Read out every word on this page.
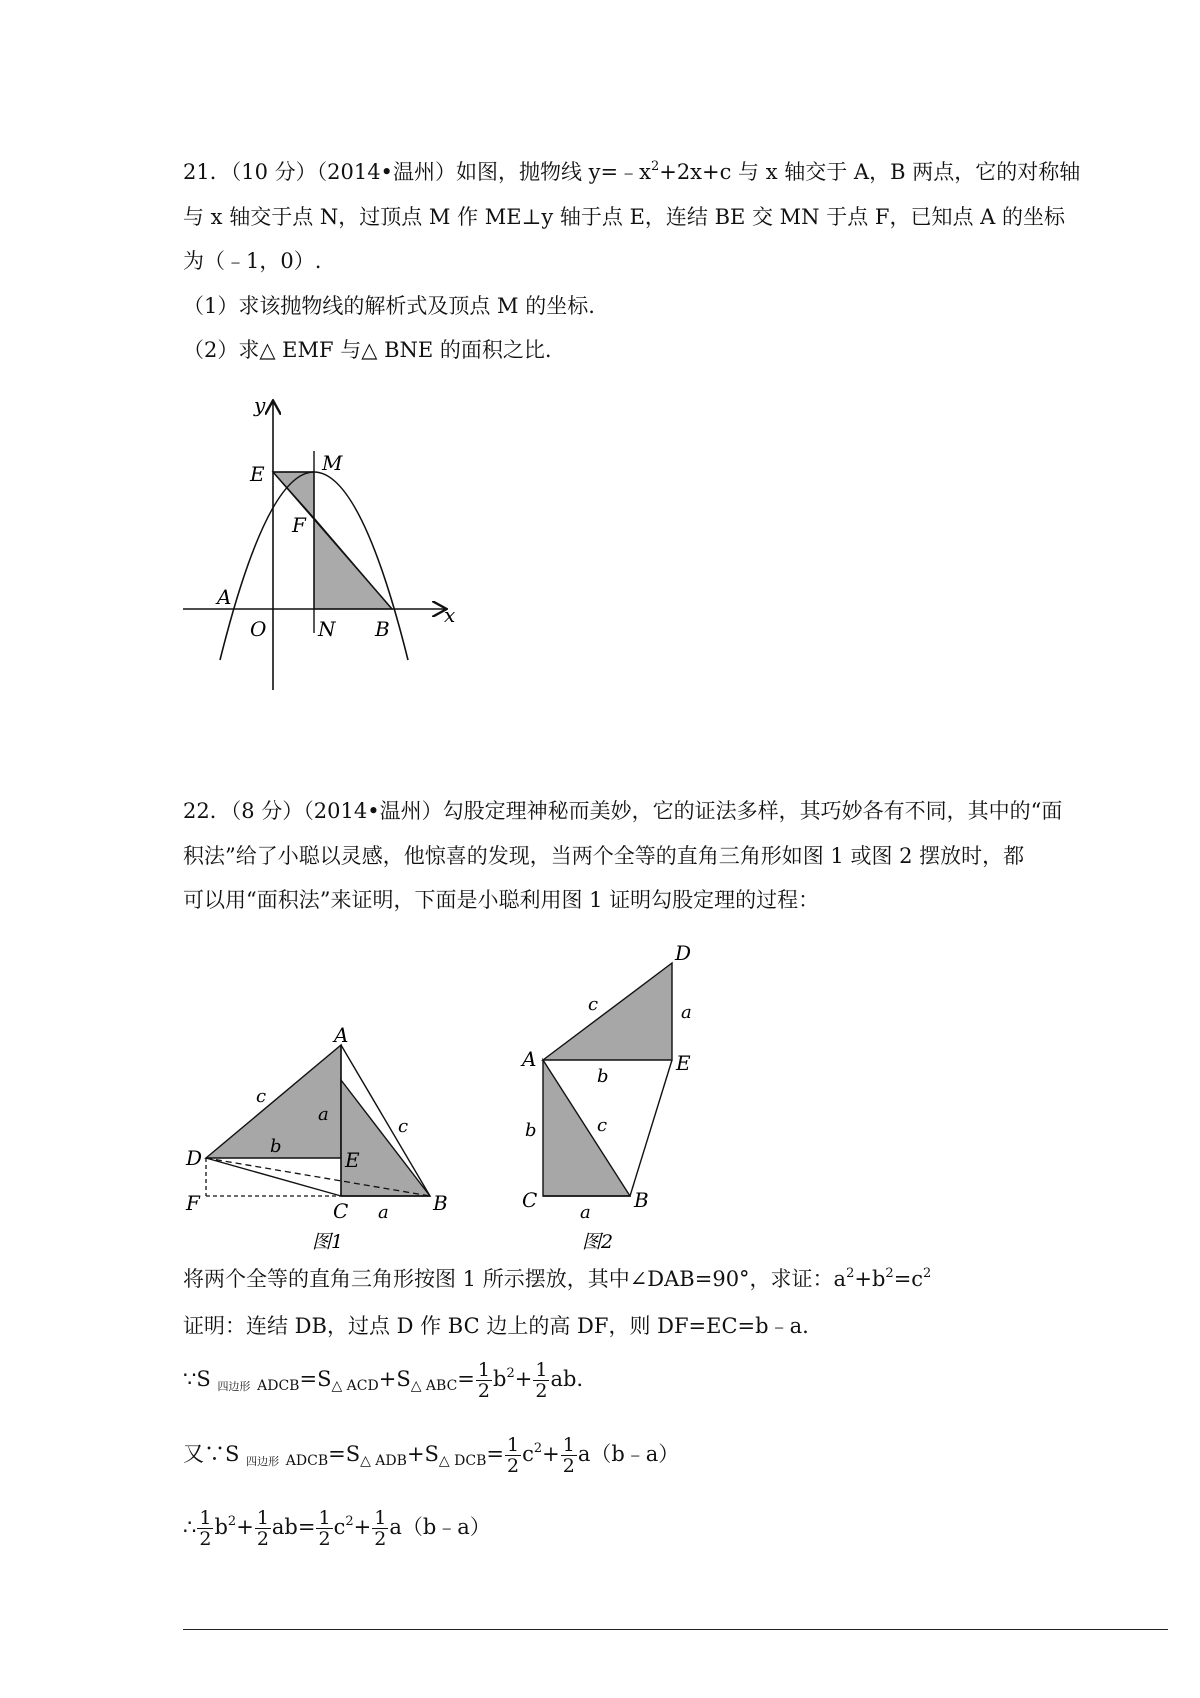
21．（10 分）（2014•温州）如图，抛物线 $y=﹣x^2+2x+c$ 与 x 轴交于 A，B 两点，它的对称轴
与 x 轴交于点 N，过顶点 M 作 ME⊥y 轴于点 E，连结 BE 交 MN 于点 F，已知点 A 的坐标
为（﹣1，0）.
（1）求该抛物线的解析式及顶点 M 的坐标.
（2）求△ EMF 与△ BNE 的面积之比.
y
x
E	M
F
A
O	N B
22．（8 分）（2014•温州）勾股定理神秘而美妙，它的证法多样，其巧妙各有不同，其中的“面
积法”给了小聪以灵感，他惊喜的发现，当两个全等的直角三角形如图 1 或图 2 摆放时，都
可以用“面积法”来证明，下面是小聪利用图 1 证明勾股定理的过程：
A
D	E
F	C	B
a
b
c
c
a
图1
D
A	E
C	B
c	a
b
c
b
a
图2
将两个全等的直角三角形按图 1 所示摆放，其中∠DAB=90°，求证：$a^2+b^2=c^2$
证明：连结 DB，过点 D 作 BC 边上的高 DF，则 DF=EC=b﹣a.
∵S 四边形 $_{ADCB}=S_{\triangle ACD}+S_{\triangle ABC}= \frac{1}{2} b^2+ \frac{1}{2}$ ab.
又∵S 四边形 $_{ADCB}=S_{\triangle ADB}+S_{\triangle DCB}= \frac{1}{2} c^2+ \frac{1}{2}$ a（b﹣a）
∴ $\frac{1}{2} b^2+ \frac{1}{2} ab= \frac{1}{2} c^2+ \frac{1}{2}$ a（b﹣a）
